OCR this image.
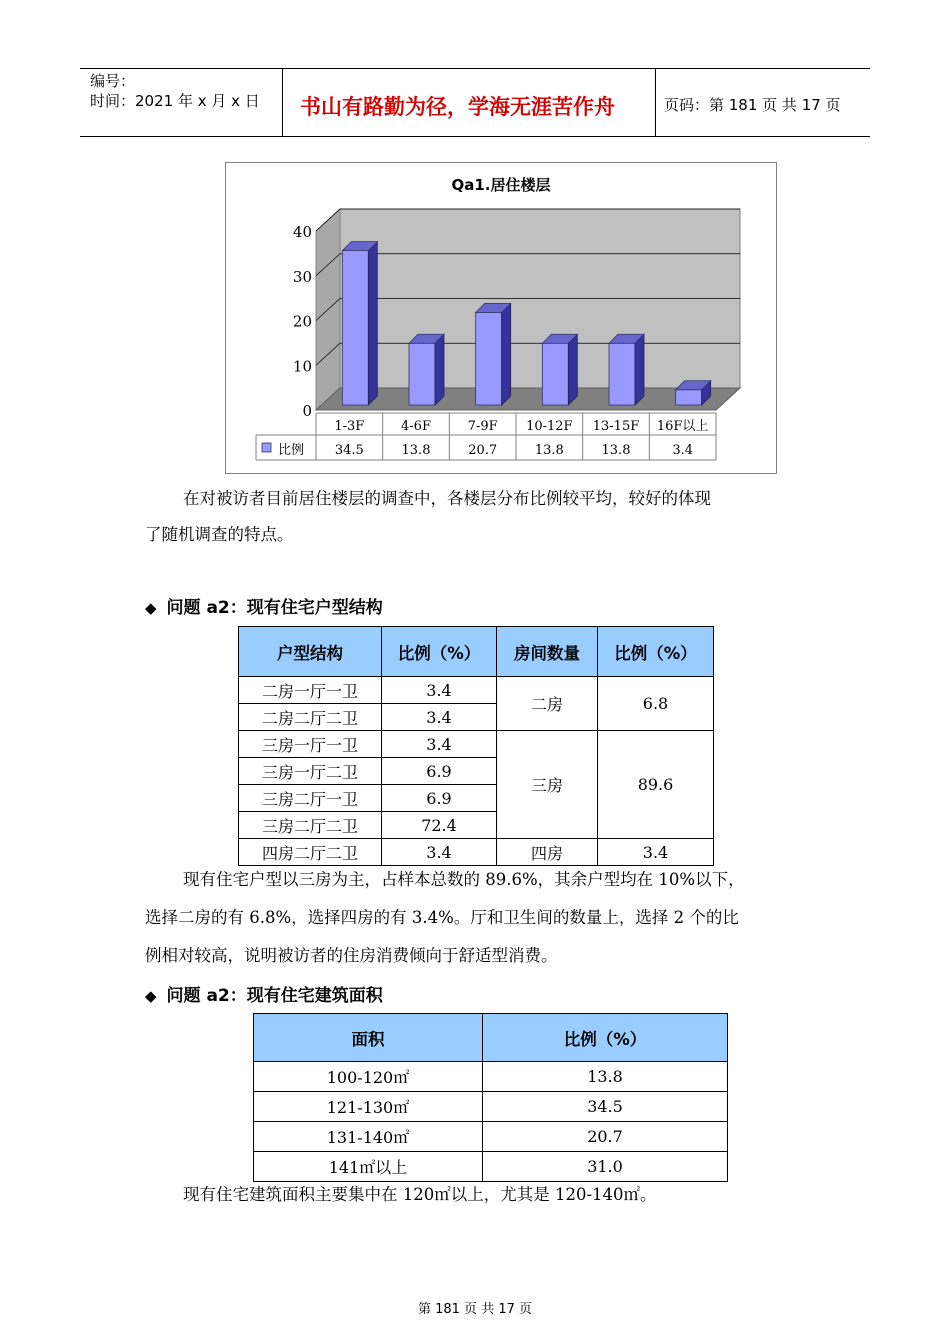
编号：
时间：2021 年 x 月 x 日 书山有路勤为径，学海无涯苦作舟	页码：第 181 页 共 17 页
Qa1.居住楼层
0
10
20
30
40
1-3F	4-6F	7-9F 10-12F 13-15F 16F以上
34.5	13.8	20.7	13.8	13.8	3.4
比例
在对被访者目前居住楼层的调查中，各楼层分布比例较平均，较好的体现
了随机调查的特点。
◆ 问题 a2：现有住宅户型结构
户型结构	比例（%）	房间数量	比例（%）
二房一厅一卫	3.4	二房	6.8
二房二厅二卫	3.4		
三房一厅一卫	3.4	三房	89.6
三房一厅二卫	6.9		
三房二厅一卫	6.9		
三房二厅二卫	72.4		
四房二厅二卫	3.4	四房	3.4
现有住宅户型以三房为主，占样本总数的 89.6%，其余户型均在 10%以下，
选择二房的有 6.8%，选择四房的有 3.4%。厅和卫生间的数量上，选择 2 个的比
例相对较高，说明被访者的住房消费倾向于舒适型消费。
◆ 问题 a2：现有住宅建筑面积
面积	比例（%）
100-120㎡	13.8
121-130㎡	34.5
131-140㎡	20.7
141㎡以上	31.0
现有住宅建筑面积主要集中在 120㎡以上，尤其是 120-140㎡。
第 181 页 共 17 页
